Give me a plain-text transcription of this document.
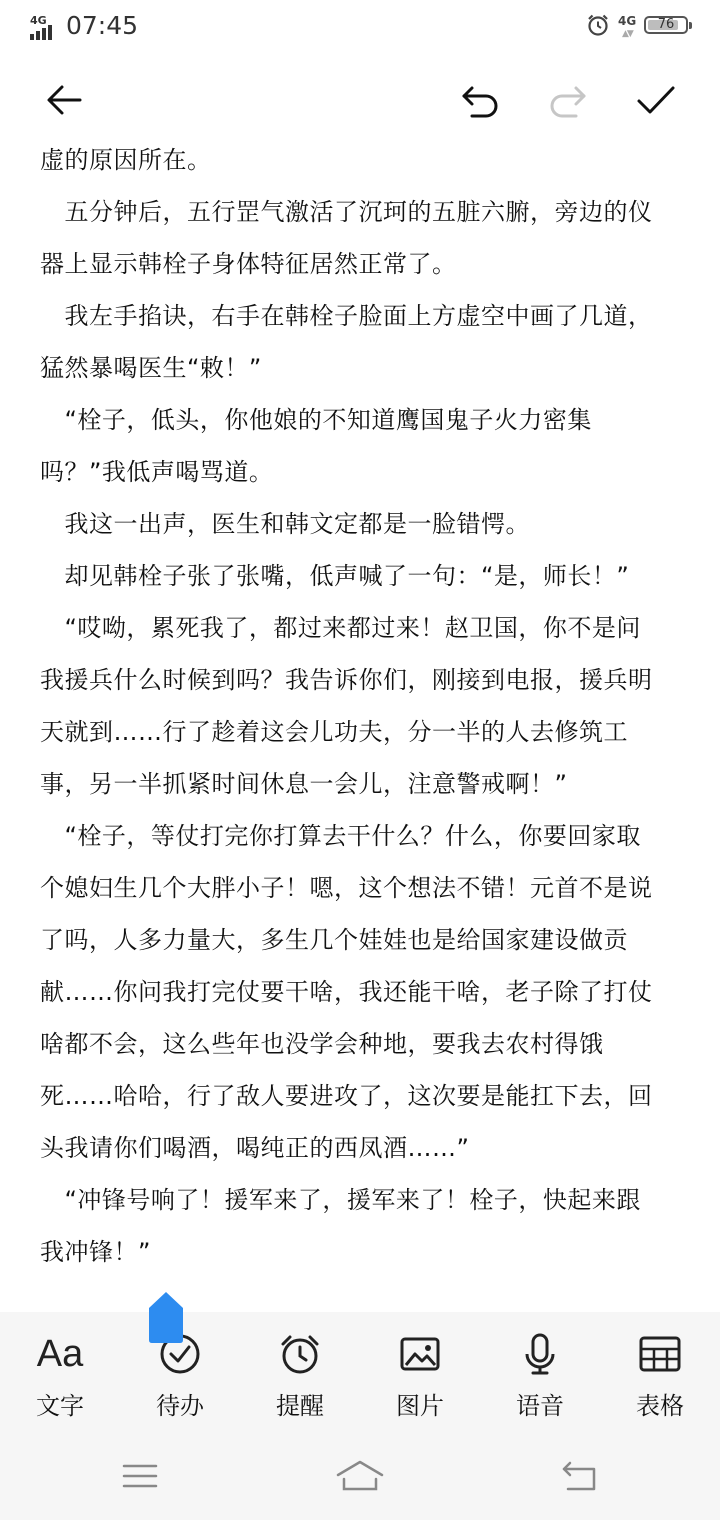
4G 07:45	4G
▲▼
76

虚的原因所在。

　五分钟后，五行罡气激活了沉珂的五脏六腑，旁边的仪

器上显示韩栓子身体特征居然正常了。

　我左手掐诀，右手在韩栓子脸面上方虚空中画了几道，

猛然暴喝医生“敕！”

　“栓子，低头，你他娘的不知道鹰国鬼子火力密集

吗？”我低声喝骂道。

　我这一出声，医生和韩文定都是一脸错愕。

　却见韩栓子张了张嘴，低声喊了一句：“是，师长！”

　“哎呦，累死我了，都过来都过来！赵卫国，你不是问

我援兵什么时候到吗？我告诉你们，刚接到电报，援兵明

天就到……行了趁着这会儿功夫，分一半的人去修筑工

事，另一半抓紧时间休息一会儿，注意警戒啊！”

　“栓子，等仗打完你打算去干什么？什么，你要回家取

个媳妇生几个大胖小子！嗯，这个想法不错！元首不是说

了吗，人多力量大，多生几个娃娃也是给国家建设做贡

献……你问我打完仗要干啥，我还能干啥，老子除了打仗

啥都不会，这么些年也没学会种地，要我去农村得饿

死……哈哈，行了敌人要进攻了，这次要是能扛下去，回

头我请你们喝酒，喝纯正的西凤酒……”

　“冲锋号响了！援军来了，援军来了！栓子，快起来跟

我冲锋！”

Aa
文字	待办	提醒	图片	语音	表格
